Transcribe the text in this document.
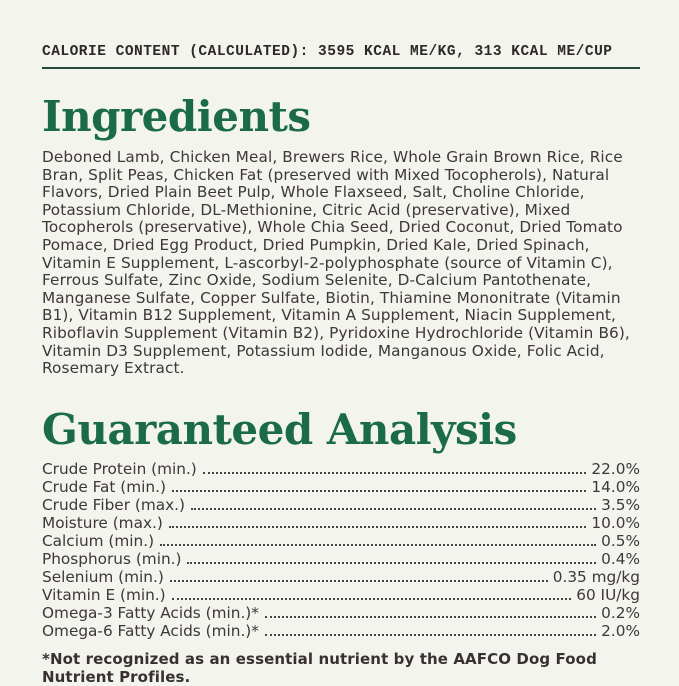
CALORIE CONTENT (CALCULATED): 3595 KCAL ME/KG, 313 KCAL ME/CUP
Ingredients

Deboned Lamb, Chicken Meal, Brewers Rice, Whole Grain Brown Rice, Rice Bran, Split Peas, Chicken Fat (preserved with Mixed Tocopherols), Natural Flavors, Dried Plain Beet Pulp, Whole Flaxseed, Salt, Choline Chloride, Potassium Chloride, DL-Methionine, Citric Acid (preservative), Mixed Tocopherols (preservative), Whole Chia Seed, Dried Coconut, Dried Tomato Pomace, Dried Egg Product, Dried Pumpkin, Dried Kale, Dried Spinach, Vitamin E Supplement, L-ascorbyl-2-polyphosphate (source of Vitamin C), Ferrous Sulfate, Zinc Oxide, Sodium Selenite, D-Calcium Pantothenate, Manganese Sulfate, Copper Sulfate, Biotin, Thiamine Mononitrate (Vitamin B1), Vitamin B12 Supplement, Vitamin A Supplement, Niacin Supplement, Riboflavin Supplement (Vitamin B2), Pyridoxine Hydrochloride (Vitamin B6), Vitamin D3 Supplement, Potassium Iodide, Manganous Oxide, Folic Acid, Rosemary Extract.

Guaranteed Analysis
Crude Protein (min.)	22.0%
Crude Fat (min.)	14.0%
Crude Fiber (max.)	3.5%
Moisture (max.)	10.0%
Calcium (min.)	0.5%
Phosphorus (min.)	0.4%
Selenium (min.)	0.35 mg/kg
Vitamin E (min.)	60 IU/kg
Omega-3 Fatty Acids (min.)*	0.2%
Omega-6 Fatty Acids (min.)*	2.0%
*Not recognized as an essential nutrient by the AAFCO Dog Food Nutrient Profiles.
